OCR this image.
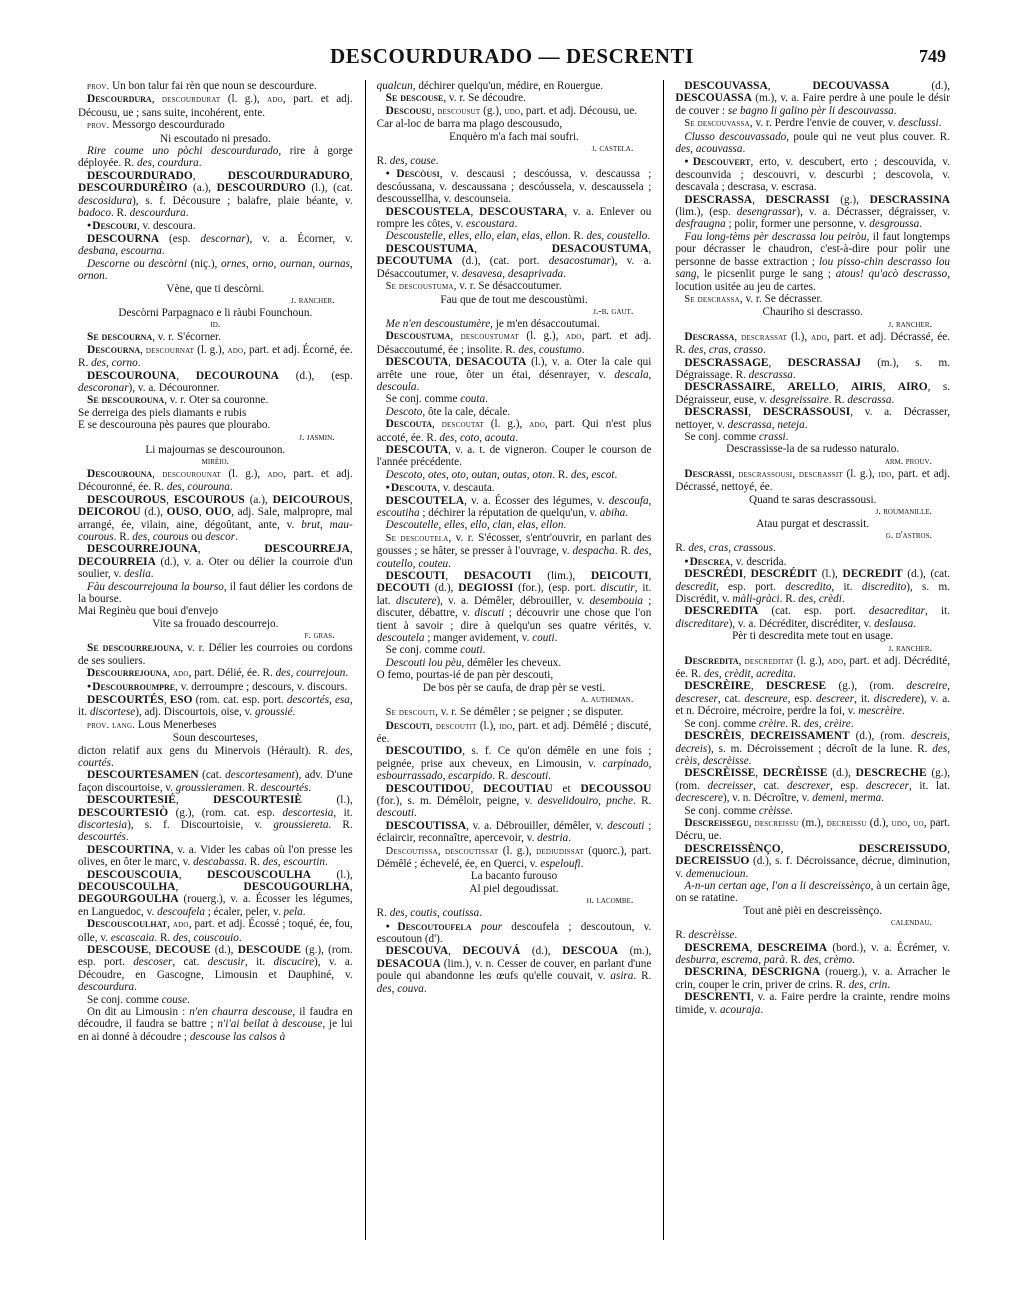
DESCOURDURADO — DESCRENTI	749

prov. Un bon talur fai rèn que noun se descourdure.

Descourdura, descourdurat (l. g.), ado, part. et adj. Décousu, ue ; sans suite, incohérent, ente.

prov. Messorgo descourdurado

Ni escoutado ni presado.

Rire coume uno pòchi descourdurado, rire à gorge déployée. R. des, courdura.

DESCOURDURADO, DESCOURDURADURO, DESCOURDURÈIRO (a.), DESCOURDURO (l.), (cat. descosidura), s. f. Décousure ; balafre, plaie béante, v. badoco. R. descourdura.

● Descouri, v. descoura.

DESCOURNA (esp. descornar), v. a. Écorner, v. desbana, escourna.

Descorne ou descòrni (niç.), ornes, orno, ournan, ournas, ornon.

Vène, que ti descòrni.

j. rancher.

Descòrni Parpagnaco e li ràubi Founchoun.

id.

Se descourna, v. r. S'écorner.

Descourna, descournat (l. g.), ado, part. et adj. Écorné, ée. R. des, corno.

DESCOUROUNA, DECOUROUNA (d.), (esp. descoronar), v. a. Découronner.

Se descourouna, v. r. Oter sa couronne.

Se derreiga des piels diamants e rubis

E se descourouna pès paures que plourabo.

j. jasmin.

Li majournas se descourounon.

mirèio.

Descourouna, descourounat (l. g.), ado, part. et adj. Découronné, ée. R. des, courouna.

DESCOUROUS, ESCOUROUS (a.), DEICOUROUS, DEICOROU (d.), OUSO, OUO, adj. Sale, malpropre, mal arrangé, ée, vilain, aine, dégoûtant, ante, v. brut, mau-courous. R. des, courous ou descor.

DESCOURREJOUNA, DESCOURREJA, DECOURREIA (d.), v. a. Oter ou délier la courroie d'un soulier, v. deslia.

Fàu descourrejouna la bourso, il faut délier les cordons de la bourse.

Mai Reginèu que boui d'envejo

Vite sa frouado descourrejo.

f. gras.

Se descourrejouna, v. r. Délier les courroies ou cordons de ses souliers.

Descourrejouna, ado, part. Délié, ée. R. des, courrejoun.

● Descourroumpre, v. derroumpre ; descours, v. discours.

DESCOURTÉS, ESO (rom. cat. esp. port. descortés, esa, it. discortese), adj. Discourtois, oise, v. groussié.

prov. lang. Lous Menerbeses

Soun descourteses,

dicton relatif aux gens du Minervois (Hérault). R. des, courtés.

DESCOURTESAMEN (cat. descortesament), adv. D'une façon discourtoise, v. groussieramen. R. descourtés.

DESCOURTESIÉ, DESCOURTESIÈ (l.), DESCOURTESIÒ (g.), (rom. cat. esp. descortesia, it. discortesia), s. f. Discourtoisie, v. groussiereta. R. descourtés.

DESCOURTINA, v. a. Vider les cabas où l'on presse les olives, en ôter le marc, v. descabassa. R. des, escourtin.

DESCOUSCOUIA, DESCOUSCOULHA (l.), DECOUSCOULHA, DESCOUGOURLHA, DEGOURGOULHA (rouerg.), v. a. Écosser les légumes, en Languedoc, v. descoufela ; écaler, peler, v. pela.

Descouscoulhat, ado, part. et adj. Écossé ; toqué, ée, fou, olle, v. escascaia. R. des, couscouio.

DESCOUSE, DECOUSE (d.), DESCOUDE (g.), (rom. esp. port. descoser, cat. descusir, it. discucire), v. a. Découdre, en Gascogne, Limousin et Dauphiné, v. descourdura.

Se conj. comme couse.

On dit au Limousin : n'en chaurra descouse, il faudra en découdre, il faudra se battre ; n'i'ai beilat à descouse, je lui en ai donné à découdre ; descouse las calsos à

qualcun, déchirer quelqu'un, médire, en Rouergue.

Se descouse, v. r. Se découdre.

Descousu, descousut (g.), udo, part. et adj. Décousu, ue.

Car al-loc de barra ma plago descousudo,

Enquèro m'a fach mai soufri.

j. castela.

R. des, couse.

● Descòusi, v. descausi ; descóussa, v. descaussa ; descóussana, v. descaussana ; descóussela, v. descaussela ; descoussellha, v. descounseia.

DESCOUSTELA, DESCOUSTARA, v. a. Enlever ou rompre les côtes, v. escoustara.

Descoustelle, elles, ello, elan, elas, ellon. R. des, coustello.

DESCOUSTUMA, DESACOUSTUMA, DECOUTUMA (d.), (cat. port. desacostumar), v. a. Désaccoutumer, v. desavesa, desaprivada.

Se descoustuma, v. r. Se désaccoutumer.

Fau que de tout me descoustùmi.

j.-b. gaut.

Me n'en descoustumère, je m'en désaccoutumai.

Descoustuma, descoustumat (l. g.), ado, part. et adj. Désaccoutumé, ée ; insolite. R. des, coustumo.

DESCOUTA, DESACOUTA (l.), v. a. Oter la cale qui arrête une roue, ôter un étai, désenrayer, v. descala, descoula.

Se conj. comme couta.

Descoto, ôte la cale, décale.

Descouta, descoutat (l. g.), ado, part. Qui n'est plus accoté, ée. R. des, coto, acouta.

DESCOUTA, v. a. t. de vigneron. Couper le courson de l'année précédente.

Descoto, otes, oto, outan, outas, oton. R. des, escot.

● Descouta, v. descauta.

DESCOUTELA, v. a. Écosser des légumes, v. descoufa, escoutiha ; déchirer la réputation de quelqu'un, v. abiha.

Descoutelle, elles, ello, clan, elas, ellon.

Se descoutela, v. r. S'écosser, s'entr'ouvrir, en parlant des gousses ; se hâter, se presser à l'ouvrage, v. despacha. R. des, coutello, couteu.

DESCOUTI, DESACOUTI (lim.), DEICOUTI, DECOUTI (d.), DEGIOSSI (for.), (esp. port. discutir, it. lat. discutere), v. a. Démêler, débrouiller, v. desembouia ; discuter, débattre, v. discuti ; découvrir une chose que l'on tient à savoir ; dire à quelqu'un ses quatre vérités, v. descoutela ; manger avidement, v. couti.

Se conj. comme couti.

Descouti lou pèu, démêler les cheveux.

O femo, pourtas-ié de pan pèr descouti,

De bos pèr se caufa, de drap pèr se vesti.

a. autheman.

Se descouti, v. r. Se démêler ; se peigner ; se disputer.

Descouti, descoutit (l.), ido, part. et adj. Démêlé ; discuté, ée.

DESCOUTIDO, s. f. Ce qu'on démêle en une fois ; peignée, prise aux cheveux, en Limousin, v. carpinado, esbourrassado, escarpido. R. descouti.

DESCOUTIDOU, DECOUTIAU et DECOUSSOU (for.), s. m. Démêloir, peigne, v. desvelidouiro, pnche. R. descouti.

DESCOUTISSA, v. a. Débrouiller, démêler, v. descouti ; éclaircir, reconnaître, apercevoir, v. destria.

Descoutissa, descoutissat (l. g.), dediudissat (quorc.), part. Démêlé ; échevelé, ée, en Querci, v. espeloufi.

La bacanto furouso

Al piel degoudissat.

h. lacombe.

R. des, coutis, coutissa.

● Descoutoufela pour descoufela ; descoutoun, v. escoutoun (d').

DESCOUVA, DECOUVÁ (d.), DESCOUA (m.), DESACOUA (lim.), v. n. Cesser de couver, en parlant d'une poule qui abandonne les œufs qu'elle couvait, v. asira. R. des, couva.

DESCOUVASSA, DECOUVASSA (d.), DESCOUASSA (m.), v. a. Faire perdre à une poule le désir de couver : se bagno li galino pèr li descouvassa.

Se descouvassa, v. r. Perdre l'envie de couver, v. desclussi.

Clusso descouvassado, poule qui ne veut plus couver. R. des, acouvassa.

● Descouvert, erto, v. descubert, erto ; descouvida, v. descounvida ; descouvri, v. descurbi ; descovola, v. descavala ; descrasa, v. escrasa.

DESCRASSA, DESCRASSI (g.), DESCRASSINA (lim.), (esp. desengrassar), v. a. Décrasser, dégraisser, v. desfraugna ; polir, former une personne, v. desgroussa.

Fau long-tèms pèr descrassa lou peiròu, il faut longtemps pour décrasser le chaudron, c'est-à-dire pour polir une personne de basse extraction ; lou pisso-chin descrasso lou sang, le picsenlit purge le sang ; atous! qu'acò descrasso, locution usitée au jeu de cartes.

Se descrassa, v. r. Se décrasser.

Chauriho si descrasso.

j. rancher.

Descrassa, descrassat (l.), ado, part. et adj. Décrassé, ée. R. des, cras, crasso.

DESCRASSAGE, DESCRASSAJ (m.), s. m. Dégraissage. R. descrassa.

DESCRASSAIRE, ARELLO, AIRIS, AIRO, s. Dégraisseur, euse, v. desgreissaire. R. descrassa.

DESCRASSI, DESCRASSOUSI, v. a. Décrasser, nettoyer, v. descrassa, neteja.

Se conj. comme crassi.

Descrassisse-la de sa rudesso naturalo.

arm. prouv.

Descrassi, descrassousi, descrassit (l. g.), ido, part. et adj. Décrassé, nettoyé, ée.

Quand te saras descrassousi.

j. roumanille.

Atau purgat et descrassit.

g. d'astros.

R. des, cras, crassous.

● Descrea, v. descrida.

DESCRÉDI, DESCRÉDIT (l.), DECREDIT (d.), (cat. descredit, esp. port. descredito, it. discredito), s. m. Discrédit, v. màli-gràci. R. des, crèdi.

DESCREDITA (cat. esp. port. desacreditar, it. discreditare), v. a. Décréditer, discréditer, v. deslausa.

Pèr ti descredita mete tout en usage.

j. rancher.

Descredita, descreditat (l. g.), ado, part. et adj. Décrédité, ée. R. des, crèdit, acredita.

DESCRÈIRE, DESCRESE (g.), (rom. descreire, descreser, cat. descreure, esp. descreer, it. discredere), v. a. et n. Décroire, mécroire, perdre la foi, v. mescrèire.

Se conj. comme crèire. R. des, crèire.

DESCRÈIS, DECREISSAMENT (d.), (rom. descreis, decreis), s. m. Décroissement ; décroît de la lune. R. des, crèis, descrèisse.

DESCRÈISSE, DECRÈISSE (d.), DESCRECHE (g.), (rom. decreisser, cat. descrexer, esp. descrecer, it. lat. decrescere), v. n. Décroître, v. demeni, merma.

Se conj. comme crèisse.

Descreissegu, descreissu (m.), decreissu (d.), udo, uo, part. Décru, ue.

DESCREISSÈNÇO, DESCREISSUDO, DECREISSUO (d.), s. f. Décroissance, décrue, diminution, v. demenucioun.

A-n-un certan age, l'on a li descreissènço, à un certain âge, on se ratatine.

Tout anè pièi en descreissènço.

calendau.

R. descrèisse.

DESCREMA, DESCREIMA (bord.), v. a. Écrémer, v. desburra, escrema, parà. R. des, crèmo.

DESCRINA, DESCRIGNA (rouerg.), v. a. Arracher le crin, couper le crin, priver de crins. R. des, crin.

DESCRENTI, v. a. Faire perdre la crainte, rendre moins timide, v. acouraja.
